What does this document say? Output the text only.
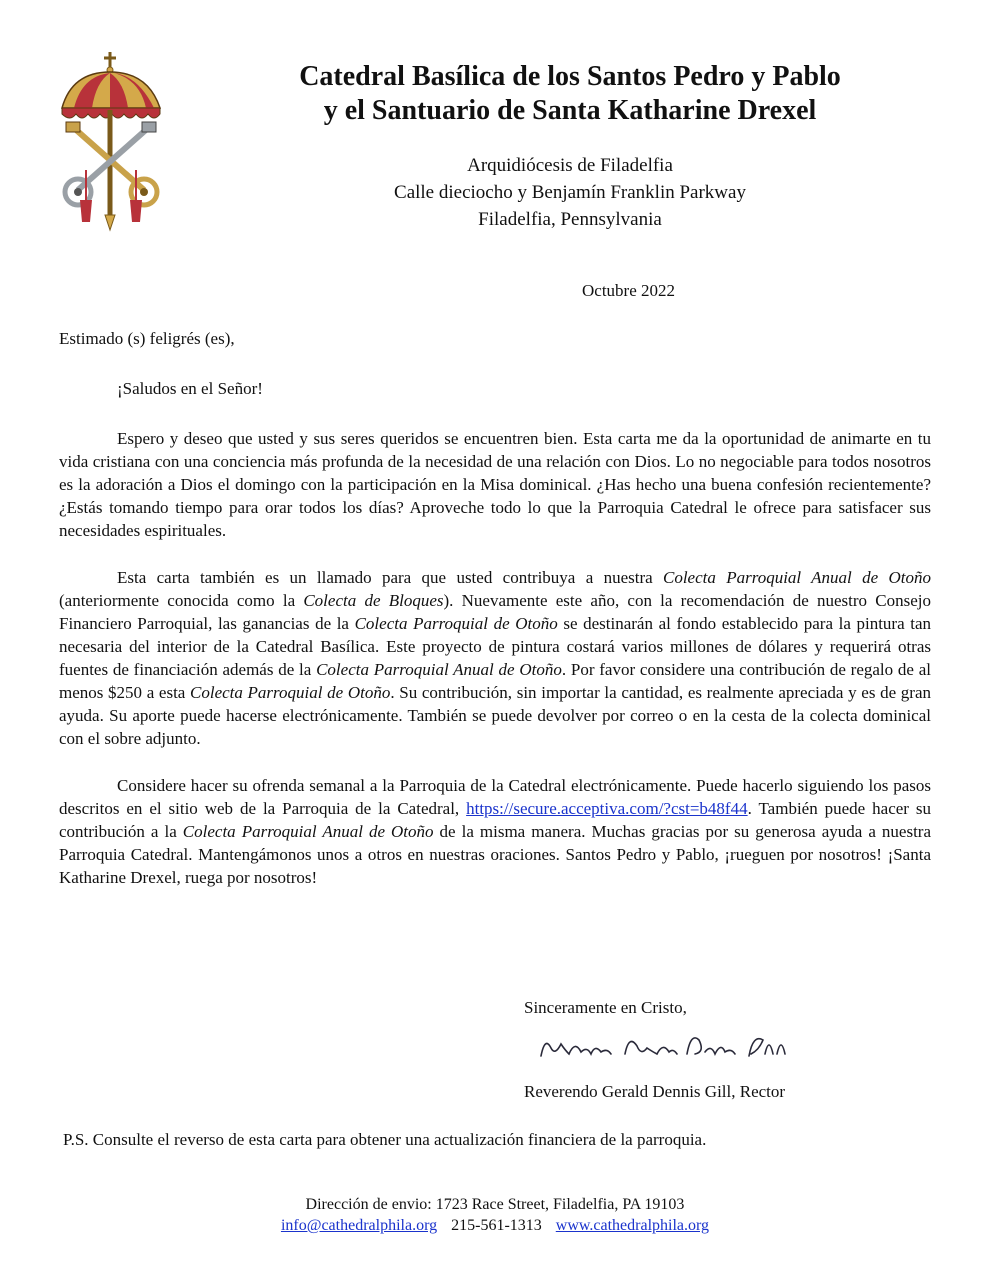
Catedral Basílica de los Santos Pedro y Pablo

y el Santuario de Santa Katharine Drexel

Arquidiócesis de Filadelfia
Calle dieciocho y Benjamín Franklin Parkway
Filadelfia, Pennsylvania
Octubre 2022

Estimado (s) feligrés (es),

¡Saludos en el Señor!

Espero y deseo que usted y sus seres queridos se encuentren bien. Esta carta me da la oportunidad de animarte en tu vida cristiana con una conciencia más profunda de la necesidad de una relación con Dios. Lo no negociable para todos nosotros es la adoración a Dios el domingo con la participación en la Misa dominical. ¿Has hecho una buena confesión recientemente? ¿Estás tomando tiempo para orar todos los días? Aproveche todo lo que la Parroquia Catedral le ofrece para satisfacer sus necesidades espirituales.

Esta carta también es un llamado para que usted contribuya a nuestra Colecta Parroquial Anual de Otoño (anteriormente conocida como la Colecta de Bloques). Nuevamente este año, con la recomendación de nuestro Consejo Financiero Parroquial, las ganancias de la Colecta Parroquial de Otoño se destinarán al fondo establecido para la pintura tan necesaria del interior de la Catedral Basílica. Este proyecto de pintura costará varios millones de dólares y requerirá otras fuentes de financiación además de la Colecta Parroquial Anual de Otoño. Por favor considere una contribución de regalo de al menos $250 a esta Colecta Parroquial de Otoño. Su contribución, sin importar la cantidad, es realmente apreciada y es de gran ayuda. Su aporte puede hacerse electrónicamente. También se puede devolver por correo o en la cesta de la colecta dominical con el sobre adjunto.

Considere hacer su ofrenda semanal a la Parroquia de la Catedral electrónicamente. Puede hacerlo siguiendo los pasos descritos en el sitio web de la Parroquia de la Catedral, https://secure.acceptiva.com/?cst=b48f44. También puede hacer su contribución a la Colecta Parroquial Anual de Otoño de la misma manera. Muchas gracias por su generosa ayuda a nuestra Parroquia Catedral. Mantengámonos unos a otros en nuestras oraciones. Santos Pedro y Pablo, ¡rueguen por nosotros! ¡Santa Katharine Drexel, ruega por nosotros!

Sinceramente en Cristo,
Reverendo Gerald Dennis Gill, Rector
P.S. Consulte el reverso de esta carta para obtener una actualización financiera de la parroquia.
Dirección de envio: 1723 Race Street, Filadelfia, PA 19103
info@cathedralphila.org 215-561-1313 www.cathedralphila.org
